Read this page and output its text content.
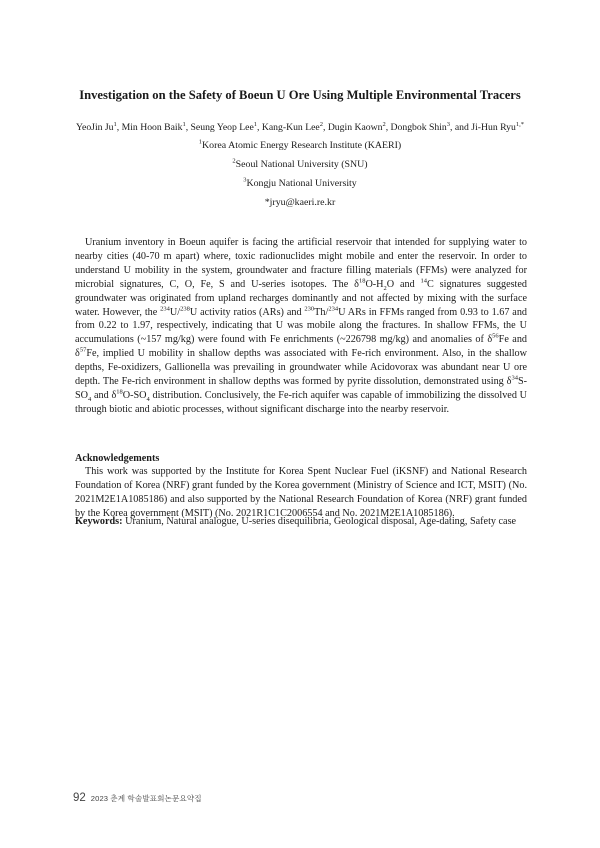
Investigation on the Safety of Boeun U Ore Using Multiple Environmental Tracers
YeoJin Ju$^1$, Min Hoon Baik$^1$, Seung Yeop Lee$^1$, Kang-Kun Lee$^2$, Dugin Kaown$^2$, Dongbok Shin$^3$, and Ji-Hun Ryu$^{1,*}$
$^1$Korea Atomic Energy Research Institute (KAERI)
$^2$Seoul National University (SNU)
$^3$Kongju National University
*jryu@kaeri.re.kr

Uranium inventory in Boeun aquifer is facing the artificial reservoir that intended for supplying water to nearby cities (40-70 m apart) where, toxic radionuclides might mobile and enter the reservoir. In order to understand U mobility in the system, groundwater and fracture filling materials (FFMs) were analyzed for microbial signatures, C, O, Fe, S and U-series isotopes. The $\delta^{18}O-H_2O$ and $^{14}$C signatures suggested groundwater was originated from upland recharges dominantly and not affected by mixing with the surface water. However, the $^{234}$U/$^{238}$U activity ratios (ARs) and $^{230}$Th/$^{234}$U ARs in FFMs ranged from 0.93 to 1.67 and from 0.22 to 1.97, respectively, indicating that U was mobile along the fractures. In shallow FFMs, the U accumulations (~157 mg/kg) were found with Fe enrichments (~226798 mg/kg) and anomalies of $\delta^{56}Fe$ and $\delta^{57}Fe$, implied U mobility in shallow depths was associated with Fe-rich environment. Also, in the shallow depths, Fe-oxidizers, Gallionella was prevailing in groundwater while Acidovorax was abundant near U ore depth. The Fe-rich environment in shallow depths was formed by pyrite dissolution, demonstrated using $\delta^{34}S-SO_4$ and $\delta^{18}O-SO_4$ distribution. Conclusively, the Fe-rich aquifer was capable of immobilizing the dissolved U through biotic and abiotic processes, without significant discharge into the nearby reservoir.

Acknowledgements

This work was supported by the Institute for Korea Spent Nuclear Fuel (iKSNF) and National Research Foundation of Korea (NRF) grant funded by the Korea government (Ministry of Science and ICT, MSIT) (No. 2021M2E1A1085186) and also supported by the National Research Foundation of Korea (NRF) grant funded by the Korea government (MSIT) (No. 2021R1C1C2006554 and No. 2021M2E1A1085186).

Keywords: Uranium, Natural analogue, U-series disequilibria, Geological disposal, Age-dating, Safety case

92 2023 춘계 학술발표회논문요약집
